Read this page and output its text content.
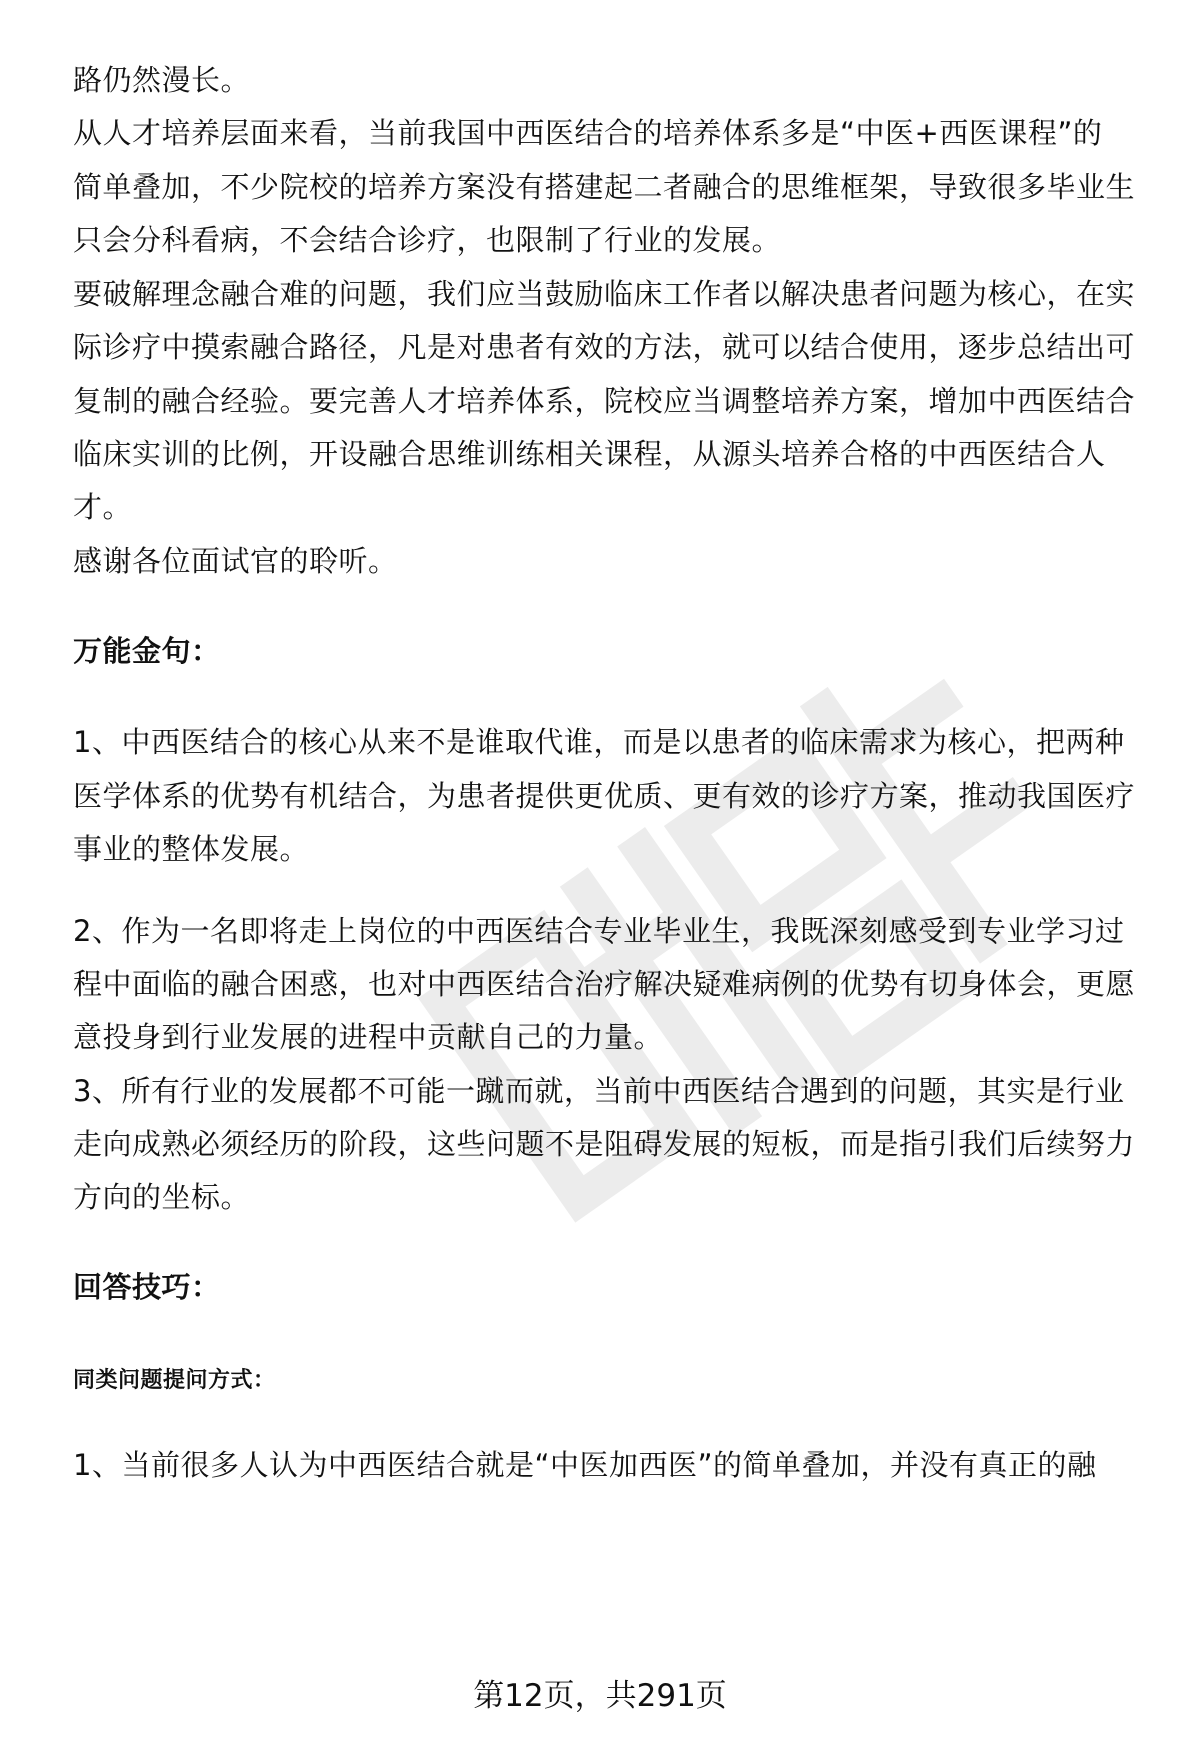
路仍然漫长。
从人才培养层面来看，当前我国中西医结合的培养体系多是“中医+西医课程”的
简单叠加，不少院校的培养方案没有搭建起二者融合的思维框架，导致很多毕业生
只会分科看病，不会结合诊疗，也限制了行业的发展。
要破解理念融合难的问题，我们应当鼓励临床工作者以解决患者问题为核心，在实
际诊疗中摸索融合路径，凡是对患者有效的方法，就可以结合使用，逐步总结出可
复制的融合经验。要完善人才培养体系，院校应当调整培养方案，增加中西医结合
临床实训的比例，开设融合思维训练相关课程，从源头培养合格的中西医结合人
才。
感谢各位面试官的聆听。
万能金句：
1、中西医结合的核心从来不是谁取代谁，而是以患者的临床需求为核心，把两种
医学体系的优势有机结合，为患者提供更优质、更有效的诊疗方案，推动我国医疗
事业的整体发展。
2、作为一名即将走上岗位的中西医结合专业毕业生，我既深刻感受到专业学习过
程中面临的融合困惑，也对中西医结合治疗解决疑难病例的优势有切身体会，更愿
意投身到行业发展的进程中贡献自己的力量。
3、所有行业的发展都不可能一蹴而就，当前中西医结合遇到的问题，其实是行业
走向成熟必须经历的阶段，这些问题不是阻碍发展的短板，而是指引我们后续努力
方向的坐标。
回答技巧：
同类问题提问方式：
1、当前很多人认为中西医结合就是“中医加西医”的简单叠加，并没有真正的融
第12页，共291页
